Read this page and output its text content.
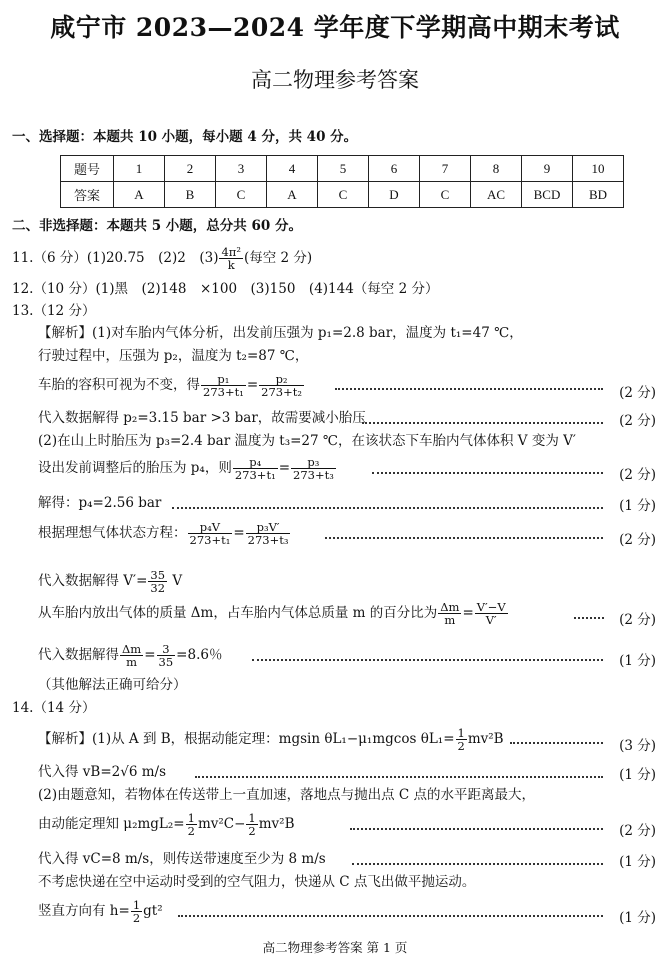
咸宁市 2023—2024 学年度下学期高中期末考试
高二物理参考答案
一、选择题：本题共 10 小题，每小题 4 分，共 40 分。
题号	1	2	3	4	5	6	7	8	9	10
答案	A	B	C	A	C	D	C	AC	BCD	BD
二、非选择题：本题共 5 小题，总分共 60 分。
11.（6 分）(1)20.75　(2)2　$(3) \frac{\text{4π²}}{k}$ (每空 2 分)
12.（10 分）(1)黑　(2)148　×100　(3)150　(4)144（每空 2 分）
13.（12 分）
【解析】(1)对车胎内气体分析，出发前压强为 p₁=2.8 bar，温度为 t₁=47 ℃，
行驶过程中，压强为 p₂，温度为 t₂=87 ℃，
车胎的容积可视为不变，得 $\frac{\text{p₁}}{\text{273+t₁}} = \frac{\text{p₂}}{\text{273+t₂}}$	(2 分)
代入数据解得 p₂=3.15 bar >3 bar，故需要减小胎压	(2 分)
(2)在山上时胎压为 p₃=2.4 bar 温度为 t₃=27 ℃，在该状态下车胎内气体体积 V 变为 V′
设出发前调整后的胎压为 p₄，则 $\frac{\text{p₄}}{\text{273+t₁}} = \frac{\text{p₃}}{\text{273+t₃}}$	(2 分)
解得：p₄=2.56 bar	(1 分)
根据理想气体状态方程： $\frac{\text{p₄V}}{\text{273+t₁}} = \frac{\text{p₃V′}}{\text{273+t₃}}$	(2 分)
代入数据解得 $V'= \frac{35}{32}$ V
从车胎内放出气体的质量 Δm，占车胎内气体总质量 m 的百分比为 $\frac{\Delta m}{m} = \frac{V'-V}{V'}$	(2 分)
代入数据解得 $\frac{\Delta m}{m} = \frac{3}{35} =8.6$％	(1 分)
（其他解法正确可给分）
14.（14 分）
【解析】(1)从 A 到 B，根据动能定理：mgsin θL₁−μ₁mgcos $\theta L_1= \frac{1}{2} mv^2B$	(3 分)
代入得 vB=2√6 m/s	(1 分)
(2)由题意知，若物体在传送带上一直加速，落地点与抛出点 C 点的水平距离最大，
由动能定理知 $\mu_2mgL_2= \frac{1}{2} mv^2C- \frac{1}{2} mv^2B$	(2 分)
代入得 vC=8 m/s，则传送带速度至少为 8 m/s	(1 分)
不考虑快递在空中运动时受到的空气阻力，快递从 C 点飞出做平抛运动。
竖直方向有 $h= \frac{1}{2} gt^2$	(1 分)
高二物理参考答案 第 1 页
